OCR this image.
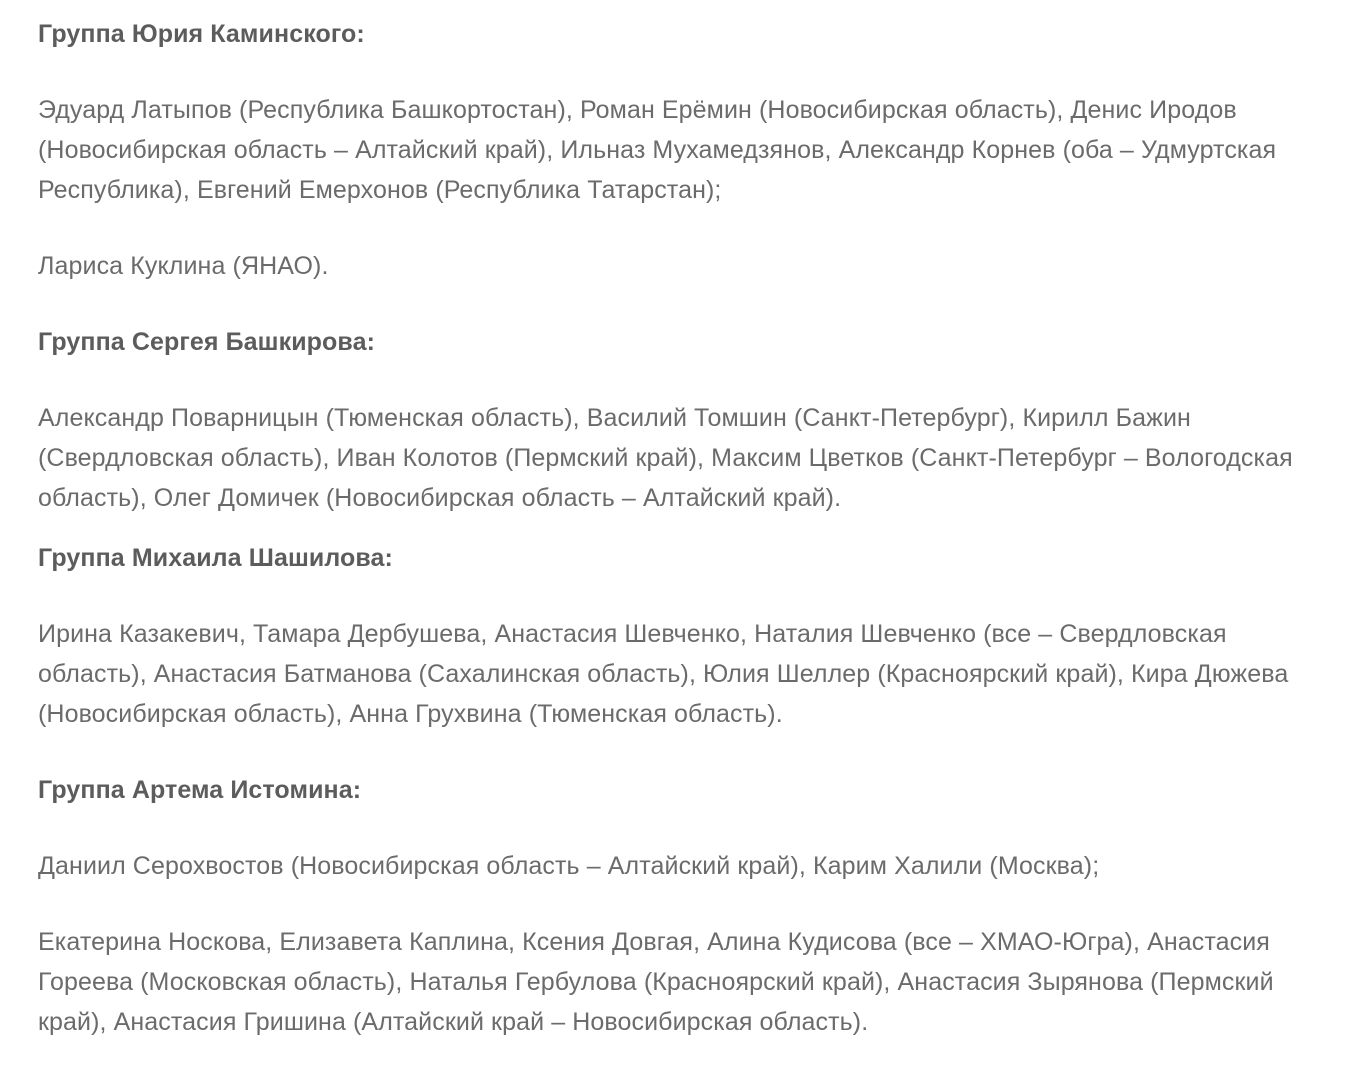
Группа Юрия Каминского:

Эдуард Латыпов (Республика Башкортостан), Роман Ерёмин (Новосибирская область), Денис Иродов (Новосибирская область – Алтайский край), Ильназ Мухамедзянов, Александр Корнев (оба – Удмуртская Республика), Евгений Емерхонов (Республика Татарстан);

Лариса Куклина (ЯНАО).

Группа Сергея Башкирова:

Александр Поварницын (Тюменская область), Василий Томшин (Санкт-Петербург), Кирилл Бажин (Свердловская область), Иван Колотов (Пермский край), Максим Цветков (Санкт-Петербург – Вологодская область), Олег Домичек (Новосибирская область – Алтайский край).

Группа Михаила Шашилова:

Ирина Казакевич, Тамара Дербушева, Анастасия Шевченко, Наталия Шевченко (все – Свердловская область), Анастасия Батманова (Сахалинская область), Юлия Шеллер (Красноярский край), Кира Дюжева (Новосибирская область), Анна Грухвина (Тюменская область).

Группа Артема Истомина:

Даниил Серохвостов (Новосибирская область – Алтайский край), Карим Халили (Москва);

Екатерина Носкова, Елизавета Каплина, Ксения Довгая, Алина Кудисова (все – ХМАО-Югра), Анастасия Гореева (Московская область), Наталья Гербулова (Красноярский край), Анастасия Зырянова (Пермский край), Анастасия Гришина (Алтайский край – Новосибирская область).
